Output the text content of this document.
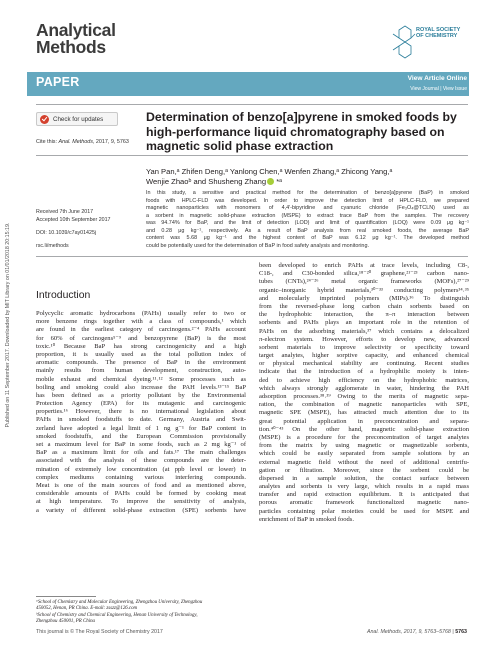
Analytical
Methods
ROYAL SOCIETY
OF CHEMISTRY
PAPER	View Article Online
View Journal | View Issue
Published on 11 September 2017. Downloaded by MIT Library on 01/01/2018 20:15:19.
Check for updates
Cite this: Anal. Methods, 2017, 9, 5763
Determination of benzo[a]pyrene in smoked foods by high-performance liquid chromatography based on magnetic solid phase extraction
Yan Pan,ᵃ Zhifen Deng,ᵃ Yanlong Chen,ᵃ Wenfen Zhang,ᵃ Zhicong Yang,ᵃ
Wenjie Zhaoᵇ and Shusheng Zhang *ᵃ

In this study, a sensitive and practical method for the determination of benzo[a]pyrene (BaP) in smoked

foods with HPLC-FLD was developed. In order to improve the detection limit of HPLC-FLD, we prepared

magnetic nanoparticles with monomers of 4,4′-bipyridine and cyanuric chloride (Fe₃O₄@TCLN) used as

a sorbent in magnetic solid-phase extraction (MSPE) to extract trace BaP from the samples. The recovery

was 94.74% for BaP, and the limit of detection (LOD) and limit of quantification (LOQ) were 0.09 μg kg⁻¹

and 0.28 μg kg⁻¹, respectively. As a result of BaP analysis from real smoked foods, the average BaP

content was 5.68 μg kg⁻¹ and the highest content of BaP was 6.12 μg kg⁻¹. The developed method

could be potentially used for the determination of BaP in food safety analysis and monitoring.

Received 7th June 2017
Accepted 10th September 2017
DOI: 10.1039/c7ay01425j
rsc.li/methods
Introduction

Polycyclic aromatic hydrocarbons (PAHs) usually refer to two or

more benzene rings together with a class of compounds,¹ which

are found in the earliest category of carcinogens.²⁻⁴ PAHs account

for 60% of carcinogens⁵⁻⁹ and benzopyrene (BaP) is the most

toxic.¹⁰ Because BaP has strong carcinogenicity and a high

proportion, it is usually used as the total pollution index of

aromatic compounds. The presence of BaP in the environment

mainly results from human development, construction, auto-

mobile exhaust and chemical dyeing.¹¹˒¹² Some processes such as

boiling and smoking could also increase the PAH levels.¹³⁻¹⁵ BaP

has been defined as a priority pollutant by the Environmental

Protection Agency (EPA) for its mutagenic and carcinogenic

properties.¹⁶ However, there is no international legislation about

PAHs in smoked foodstuffs to date. Germany, Austria and Swit-

zerland have adopted a legal limit of 1 ng g⁻¹ for BaP content in

smoked foodstuffs, and the European Commission provisionally

set a maximum level for BaP in some foods, such as 2 mg kg⁻¹ of

BaP as a maximum limit for oils and fats.¹⁷ The main challenges

associated with the analysis of these compounds are the deter-

mination of extremely low concentration (at ppb level or lower) in

complex mediums containing various interfering compounds.

Meat is one of the main sources of food and as mentioned above,

considerable amounts of PAHs could be formed by cooking meat

at high temperature. To improve the sensitivity of analysis,

a variety of different solid-phase extraction (SPE) sorbents have

been developed to enrich PAHs at trace levels, including C8-,

C18-, and C30-bonded silica,¹⁸⁻²⁰ graphene,²¹⁻²³ carbon nano-

tubes (CNTs),²⁴⁻²⁶ metal organic frameworks (MOFs),²⁷⁻²⁹

organic–inorganic hybrid materials,³⁰⁻³³ conducting polymers³⁴˒³⁵

and molecularly imprinted polymers (MIPs).³⁶ To distinguish

from the reversed-phase long carbon chain sorbents based on

the hydrophobic interaction, the π–π interaction between

sorbents and PAHs plays an important role in the retention of

PAHs on the adsorbing materials,³⁷ which contains a delocalized

π-electron system. However, efforts to develop new, advanced

sorbent materials to improve selectivity or specificity toward

target analytes, higher sorptive capacity, and enhanced chemical

or physical mechanical stability are continuing. Recent studies

indicate that the introduction of a hydrophilic moiety is inten-

ded to achieve high efficiency on the hydrophobic matrices,

which always strongly agglomerate in water, hindering the PAH

adsorption processes.³⁸˒³⁹ Owing to the merits of magnetic sepa-

ration, the combination of magnetic nanoparticles with SPE,

magnetic SPE (MSPE), has attracted much attention due to its

great potential application in preconcentration and separa-

tion.⁴⁰⁻⁴³ On the other hand, magnetic solid-phase extraction

(MSPE) is a procedure for the preconcentration of target analytes

from the matrix by using magnetic or magnetizable sorbents,

which could be easily separated from sample solutions by an

external magnetic field without the need of additional centrifu-

gation or filtration. Moreover, since the sorbent could be

dispersed in a sample solution, the contact surface between

analytes and sorbents is very large, which results in a rapid mass

transfer and rapid extraction equilibrium. It is anticipated that

porous aromatic framework functionalized magnetic nano-

particles containing polar moieties could be used for MSPE and

enrichment of BaP in smoked foods.

ᵃSchool of Chemistry and Molecular Engineering, Zhengzhou University, Zhengzhou

450052, Henan, PR China. E-mail: zsszz@126.com

ᵇSchool of Chemistry and Chemical Engineering, Henan University of Technology,

Zhengzhou 450001, PR China

This journal is © The Royal Society of Chemistry 2017	Anal. Methods, 2017, 9, 5763–5768 | 5763
